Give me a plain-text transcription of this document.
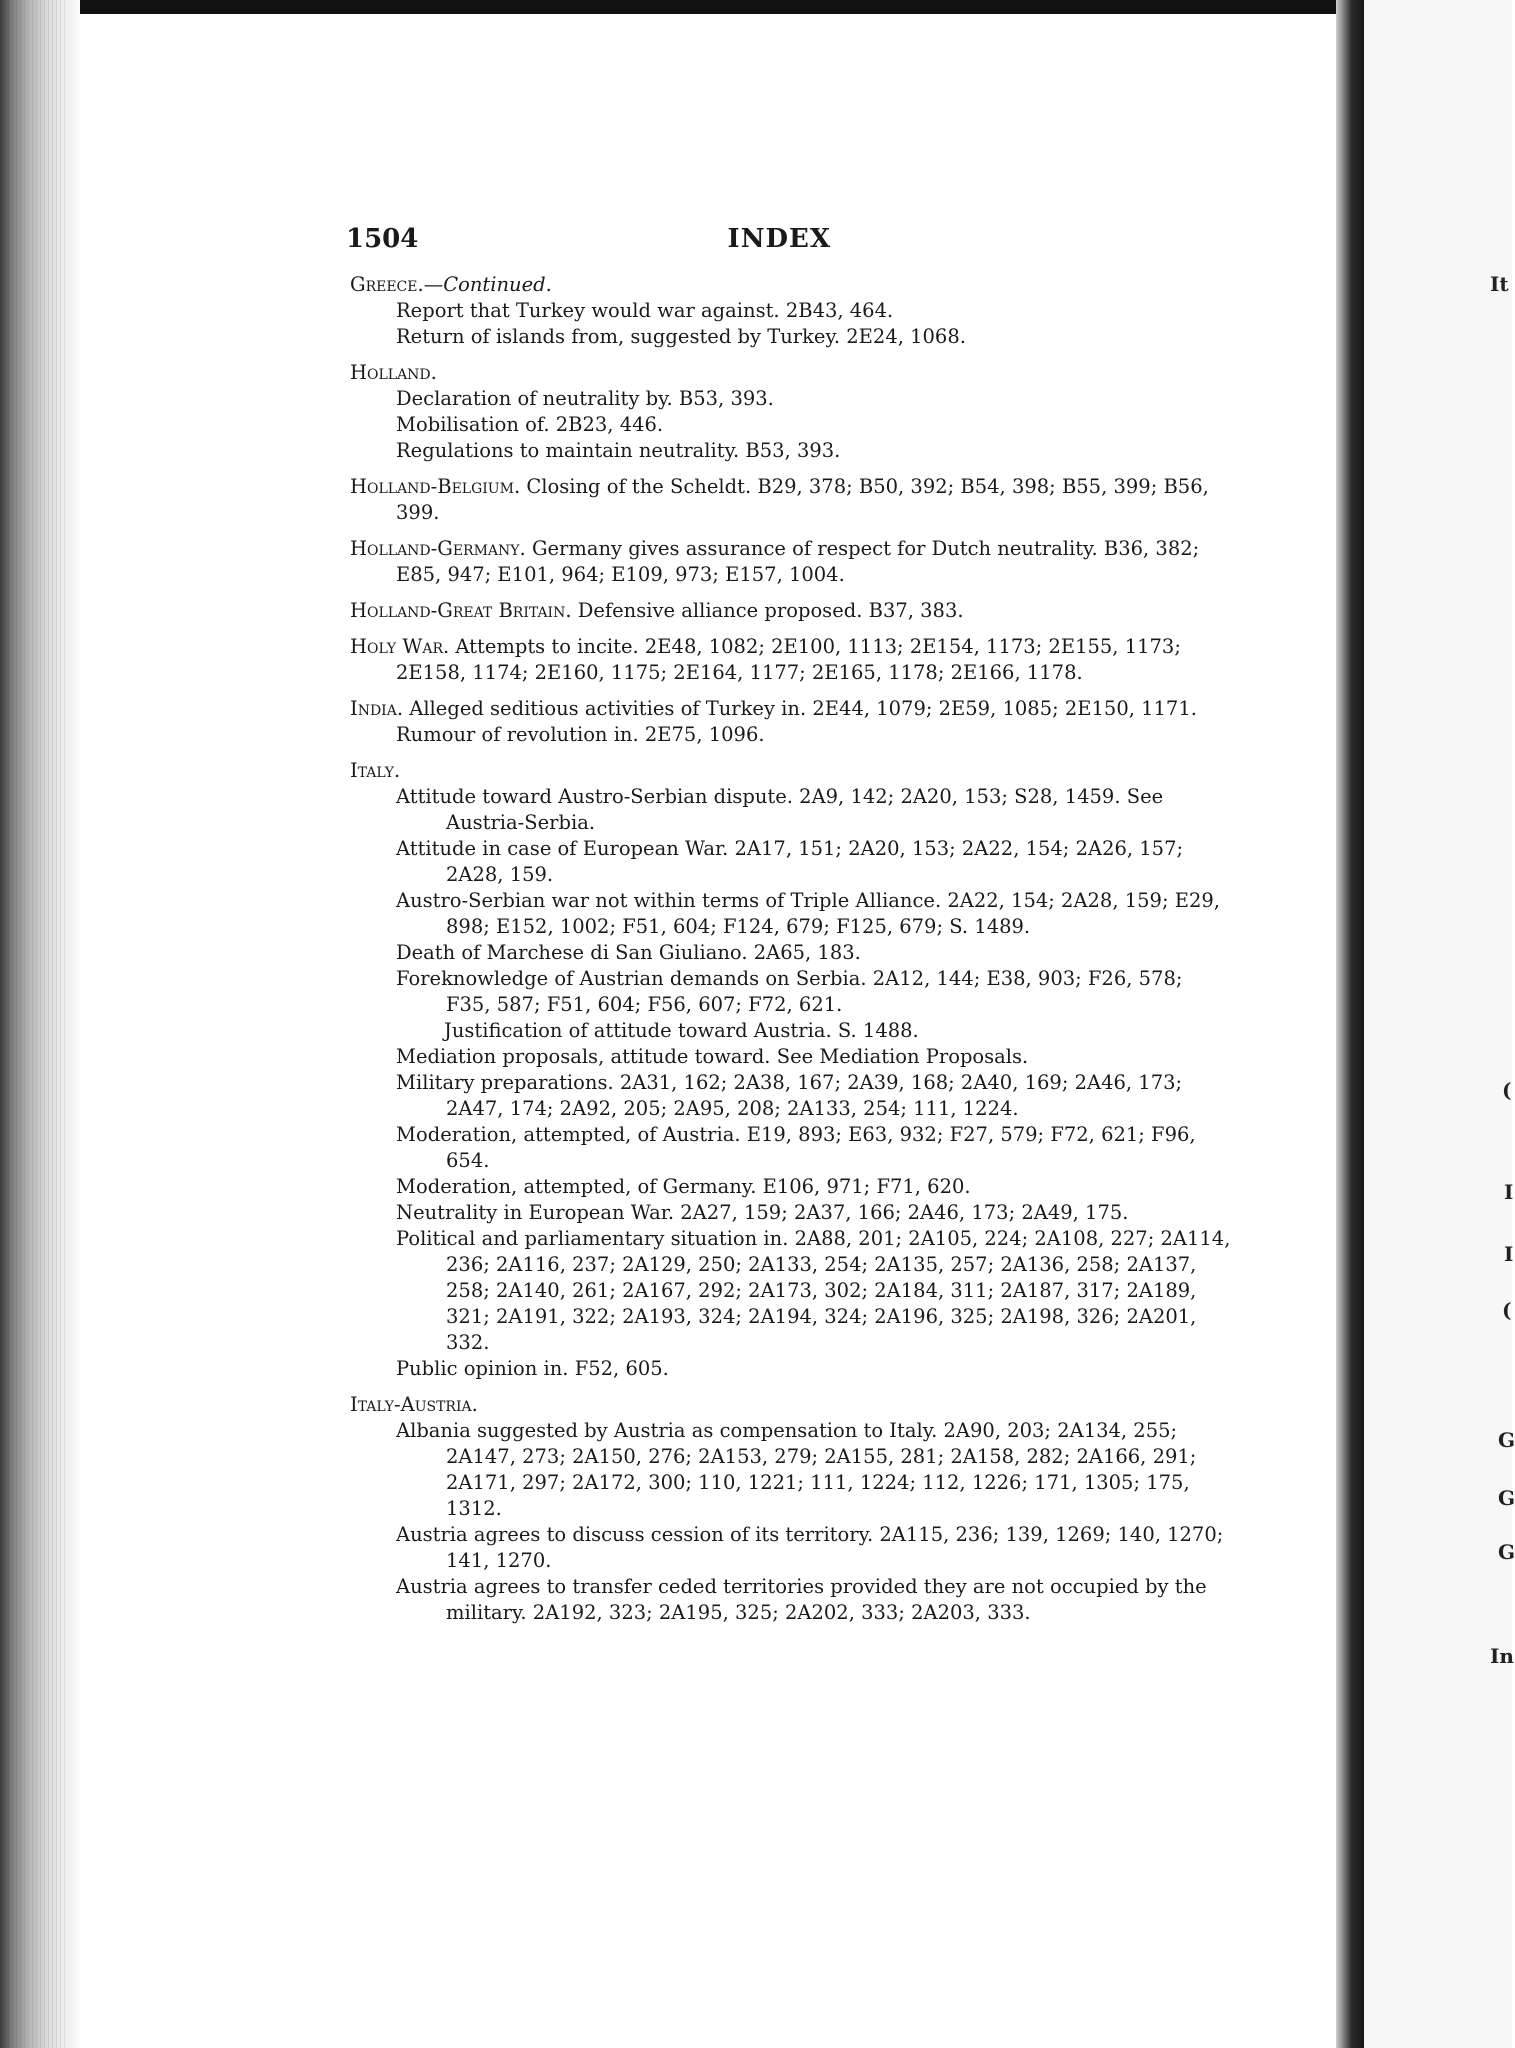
It
(
I
I
(
G
G
G
In
1504	INDEX
Greece.—Continued.
Report that Turkey would war against. 2B43, 464.
Return of islands from, suggested by Turkey. 2E24, 1068.
Holland.
Declaration of neutrality by. B53, 393.
Mobilisation of. 2B23, 446.
Regulations to maintain neutrality. B53, 393.
Holland-Belgium. Closing of the Scheldt. B29, 378; B50, 392; B54, 398; B55, 399; B56, 399.
Holland-Germany. Germany gives assurance of respect for Dutch neutrality. B36, 382; E85, 947; E101, 964; E109, 973; E157, 1004.
Holland-Great Britain. Defensive alliance proposed. B37, 383.
Holy War. Attempts to incite. 2E48, 1082; 2E100, 1113; 2E154, 1173; 2E155, 1173; 2E158, 1174; 2E160, 1175; 2E164, 1177; 2E165, 1178; 2E166, 1178.
India. Alleged seditious activities of Turkey in. 2E44, 1079; 2E59, 1085; 2E150, 1171.
Rumour of revolution in. 2E75, 1096.
Italy.
Attitude toward Austro-Serbian dispute. 2A9, 142; 2A20, 153; S28, 1459. See Austria-Serbia.
Attitude in case of European War. 2A17, 151; 2A20, 153; 2A22, 154; 2A26, 157; 2A28, 159.
Austro-Serbian war not within terms of Triple Alliance. 2A22, 154; 2A28, 159; E29, 898; E152, 1002; F51, 604; F124, 679; F125, 679; S. 1489.
Death of Marchese di San Giuliano. 2A65, 183.
Foreknowledge of Austrian demands on Serbia. 2A12, 144; E38, 903; F26, 578; F35, 587; F51, 604; F56, 607; F72, 621.
Justification of attitude toward Austria. S. 1488.
Mediation proposals, attitude toward. See Mediation Proposals.
Military preparations. 2A31, 162; 2A38, 167; 2A39, 168; 2A40, 169; 2A46, 173; 2A47, 174; 2A92, 205; 2A95, 208; 2A133, 254; 111, 1224.
Moderation, attempted, of Austria. E19, 893; E63, 932; F27, 579; F72, 621; F96, 654.
Moderation, attempted, of Germany. E106, 971; F71, 620.
Neutrality in European War. 2A27, 159; 2A37, 166; 2A46, 173; 2A49, 175.
Political and parliamentary situation in. 2A88, 201; 2A105, 224; 2A108, 227; 2A114, 236; 2A116, 237; 2A129, 250; 2A133, 254; 2A135, 257; 2A136, 258; 2A137, 258; 2A140, 261; 2A167, 292; 2A173, 302; 2A184, 311; 2A187, 317; 2A189, 321; 2A191, 322; 2A193, 324; 2A194, 324; 2A196, 325; 2A198, 326; 2A201, 332.
Public opinion in. F52, 605.
Italy-Austria.
Albania suggested by Austria as compensation to Italy. 2A90, 203; 2A134, 255; 2A147, 273; 2A150, 276; 2A153, 279; 2A155, 281; 2A158, 282; 2A166, 291; 2A171, 297; 2A172, 300; 110, 1221; 111, 1224; 112, 1226; 171, 1305; 175, 1312.
Austria agrees to discuss cession of its territory. 2A115, 236; 139, 1269; 140, 1270; 141, 1270.
Austria agrees to transfer ceded territories provided they are not occupied by the military. 2A192, 323; 2A195, 325; 2A202, 333; 2A203, 333.
